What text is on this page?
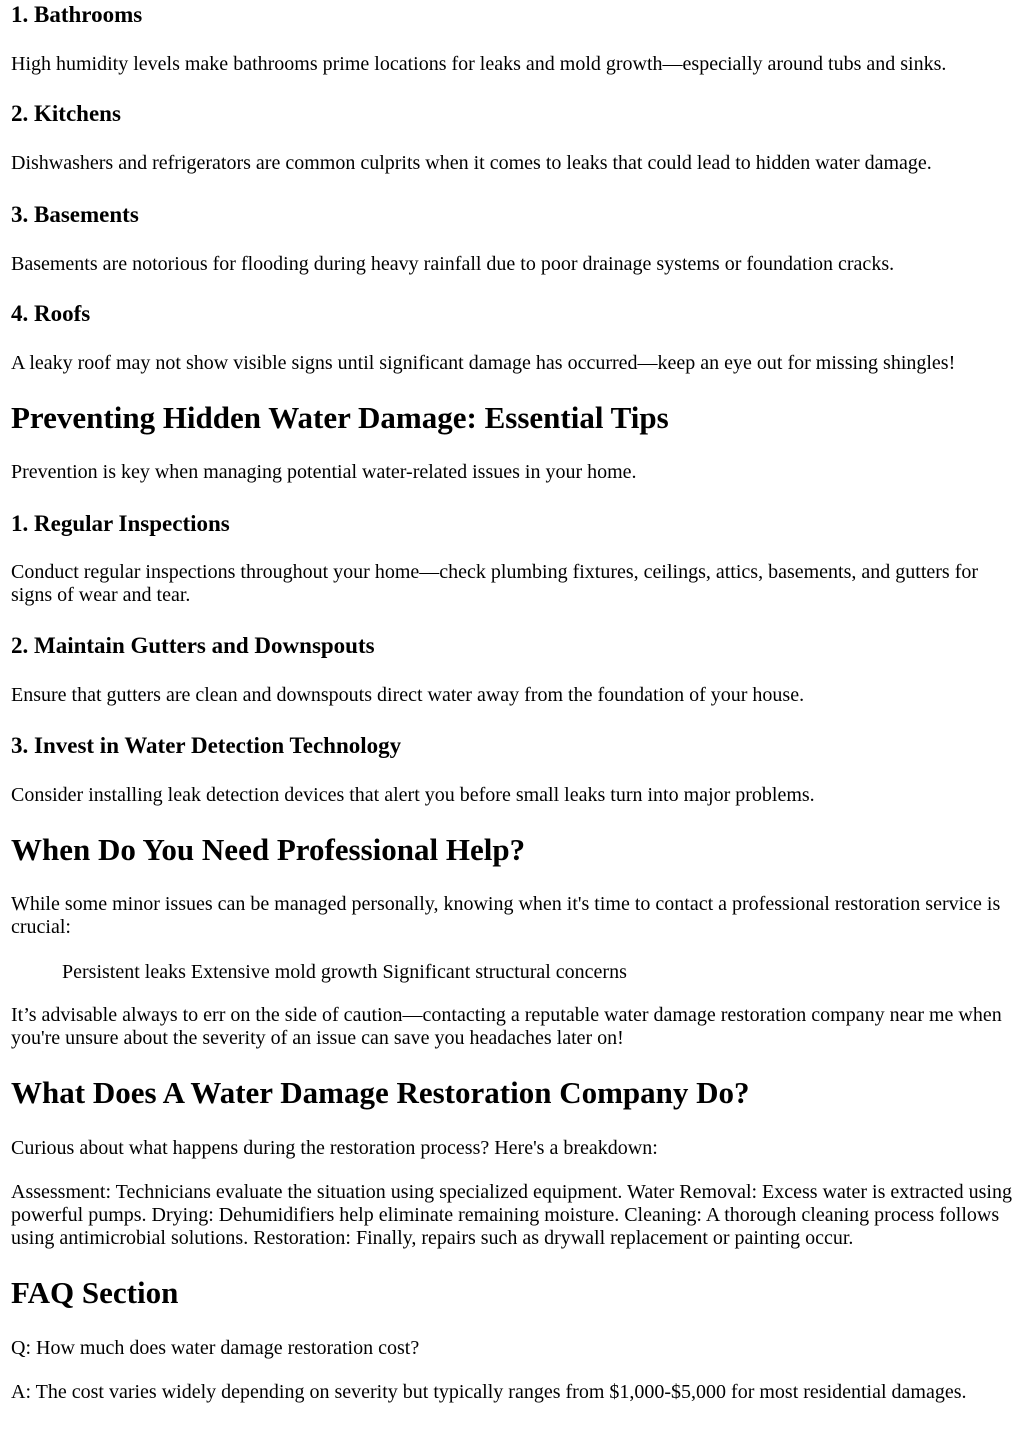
1. Bathrooms

High humidity levels make bathrooms prime locations for leaks and mold growth—especially around tubs and sinks.

2. Kitchens

Dishwashers and refrigerators are common culprits when it comes to leaks that could lead to hidden water damage.

3. Basements

Basements are notorious for flooding during heavy rainfall due to poor drainage systems or foundation cracks.

4. Roofs

A leaky roof may not show visible signs until significant damage has occurred—keep an eye out for missing shingles!

Preventing Hidden Water Damage: Essential Tips

Prevention is key when managing potential water-related issues in your home.

1. Regular Inspections

Conduct regular inspections throughout your home—check plumbing fixtures, ceilings, attics, basements, and gutters for signs of wear and tear.

2. Maintain Gutters and Downspouts

Ensure that gutters are clean and downspouts direct water away from the foundation of your house.

3. Invest in Water Detection Technology

Consider installing leak detection devices that alert you before small leaks turn into major problems.

When Do You Need Professional Help?

While some minor issues can be managed personally, knowing when it's time to contact a professional restoration service is crucial:

Persistent leaks Extensive mold growth Significant structural concerns

It’s advisable always to err on the side of caution—contacting a reputable water damage restoration company near me when you're unsure about the severity of an issue can save you headaches later on!

What Does A Water Damage Restoration Company Do?

Curious about what happens during the restoration process? Here's a breakdown:

Assessment: Technicians evaluate the situation using specialized equipment. Water Removal: Excess water is extracted using powerful pumps. Drying: Dehumidifiers help eliminate remaining moisture. Cleaning: A thorough cleaning process follows using antimicrobial solutions. Restoration: Finally, repairs such as drywall replacement or painting occur.

FAQ Section

Q: How much does water damage restoration cost?

A: The cost varies widely depending on severity but typically ranges from $1,000-$5,000 for most residential damages.
